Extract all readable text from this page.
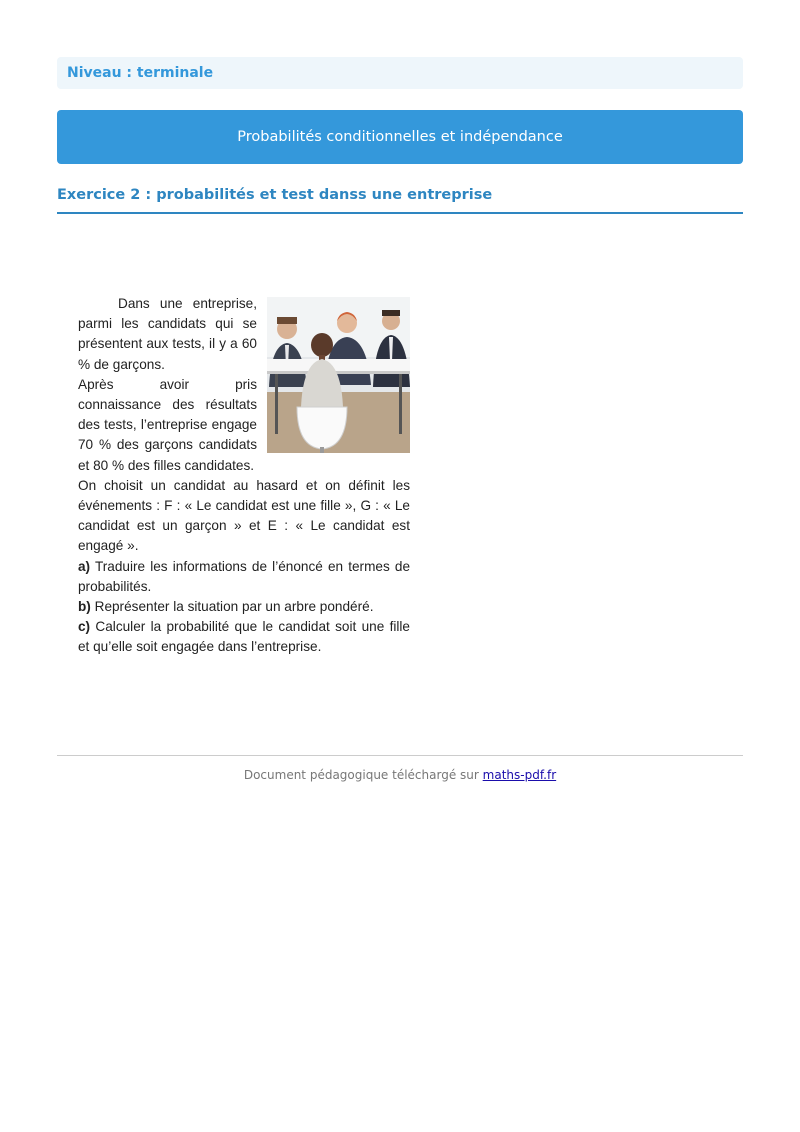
Niveau : terminale
Probabilités conditionnelles et indépendance
Exercice 2 : probabilités et test danss une entreprise

Dans une entreprise, parmi les candidats qui se présentent aux tests, il y a 60 % de garçons.

Après avoir pris connaissance des résultats des tests, l’entreprise engage 70 % des garçons candidats et 80 % des filles candidates.

On choisit un candidat au hasard et on définit les événements : F : « Le candidat est une fille », G : « Le candidat est un garçon » et E : « Le candidat est engagé ».

a) Traduire les informations de l’énoncé en termes de probabilités.

b) Représenter la situation par un arbre pondéré.

c) Calculer la probabilité que le candidat soit une fille et qu’elle soit engagée dans l’entreprise.

Document pédagogique téléchargé sur maths-pdf.fr
